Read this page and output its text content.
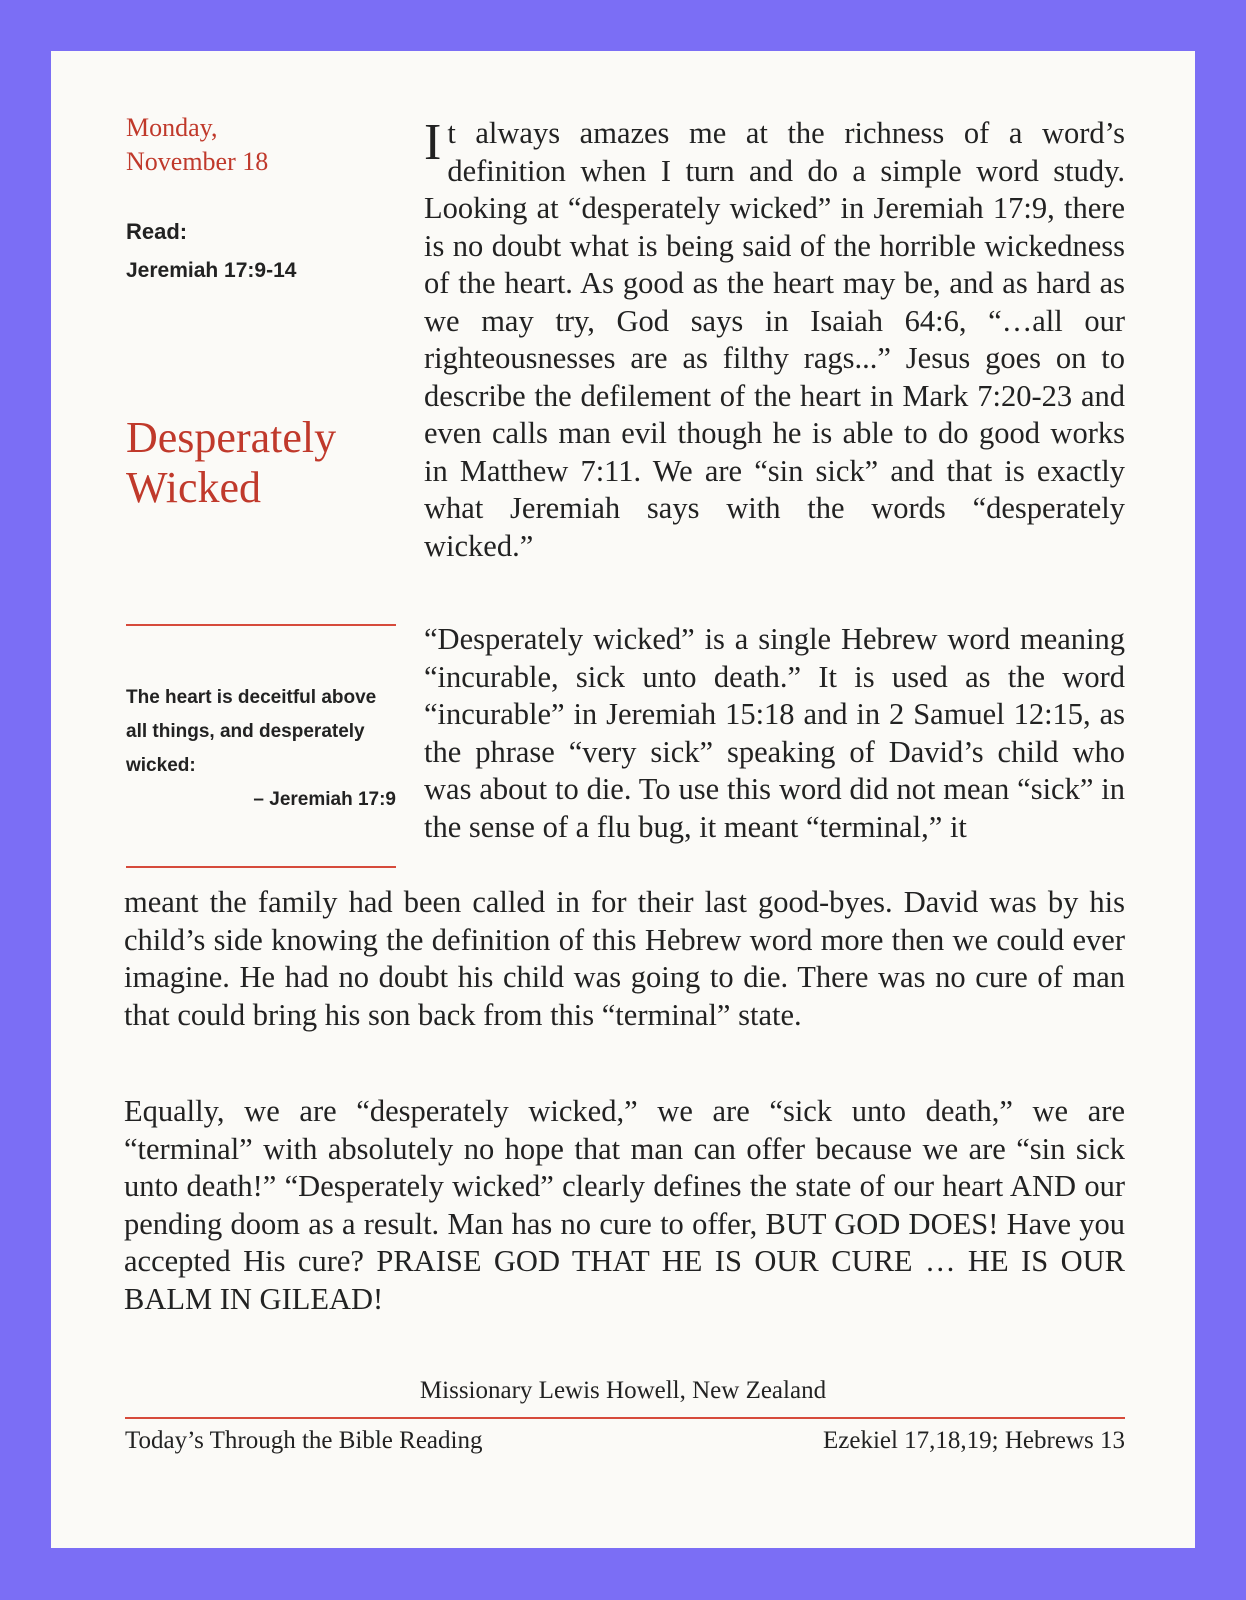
Monday,
November 18
Read:
Jeremiah 17:9-14
Desperately
Wicked
The heart is deceitful above all things, and desperately wicked:
– Jeremiah 17:9

It always amazes me at the richness of a word’s definition when I turn and do a simple word study. Looking at “desperately wicked” in Jeremiah 17:9, there is no doubt what is being said of the horrible wickedness of the heart. As good as the heart may be, and as hard as we may try, God says in Isaiah 64:6, “…all our righteousnesses are as filthy rags...” Jesus goes on to describe the defilement of the heart in Mark 7:20-23 and even calls man evil though he is able to do good works in Matthew 7:11. We are “sin sick” and that is exactly what Jeremiah says with the words “desperately wicked.”

“Desperately wicked” is a single Hebrew word meaning “incurable, sick unto death.” It is used as the word “incurable” in Jeremiah 15:18 and in 2 Samuel 12:15, as the phrase “very sick” speaking of David’s child who was about to die. To use this word did not mean “sick” in the sense of a flu bug, it meant “terminal,” it

meant the family had been called in for their last good-byes. David was by his child’s side knowing the definition of this Hebrew word more then we could ever imagine. He had no doubt his child was going to die. There was no cure of man that could bring his son back from this “terminal” state.

Equally, we are “desperately wicked,” we are “sick unto death,” we are “terminal” with absolutely no hope that man can offer because we are “sin sick unto death!” “Desperately wicked” clearly defines the state of our heart AND our pending doom as a result. Man has no cure to offer, BUT GOD DOES! Have you accepted His cure? PRAISE GOD THAT HE IS OUR CURE … HE IS OUR BALM IN GILEAD!

Missionary Lewis Howell, New Zealand
Today’s Through the Bible Reading	Ezekiel 17,18,19; Hebrews 13
